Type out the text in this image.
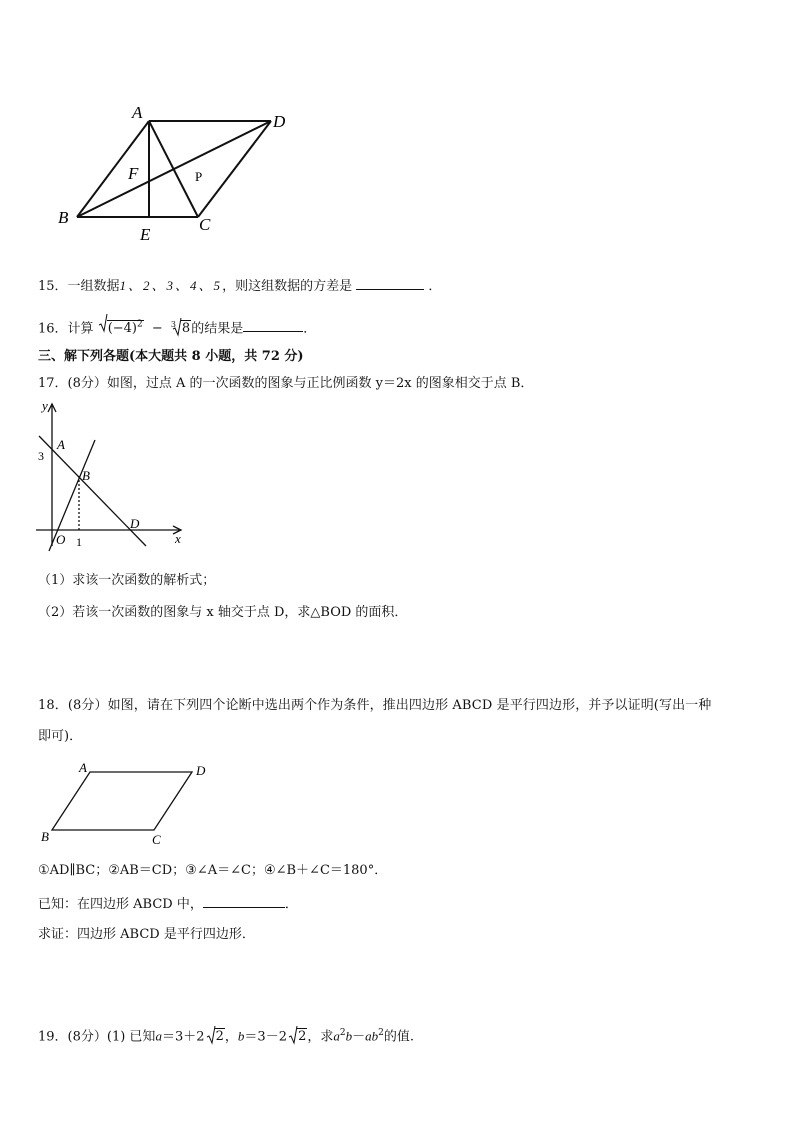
A	D
B	C
E
F	P
15．一组数据1、2、3、4、5，则这组数据的方差是	．
16．计算 $(-4)^2 - 3$ 8的结果是	．
三、解下列各题(本大题共 8 小题，共 72 分)
17．(8分）如图，过点 A 的一次函数的图象与正比例函数 y＝2x 的图象相交于点 B．
y
x
A
B
D
O
3
1
（1）求该一次函数的解析式；
（2）若该一次函数的图象与 x 轴交于点 D，求△BOD 的面积．
18．(8分）如图，请在下列四个论断中选出两个作为条件，推出四边形 ABCD 是平行四边形，并予以证明(写出一种
即可)．
A	D
B	C
①AD∥BC；②AB＝CD；③∠A＝∠C；④∠B＋∠C＝180°．
已知：在四边形 ABCD 中，	．
求证：四边形 ABCD 是平行四边形．
19．(8分）(1) 已知a＝3＋2 2，b＝3－2 2，求$a^2b-ab^2$的值.
